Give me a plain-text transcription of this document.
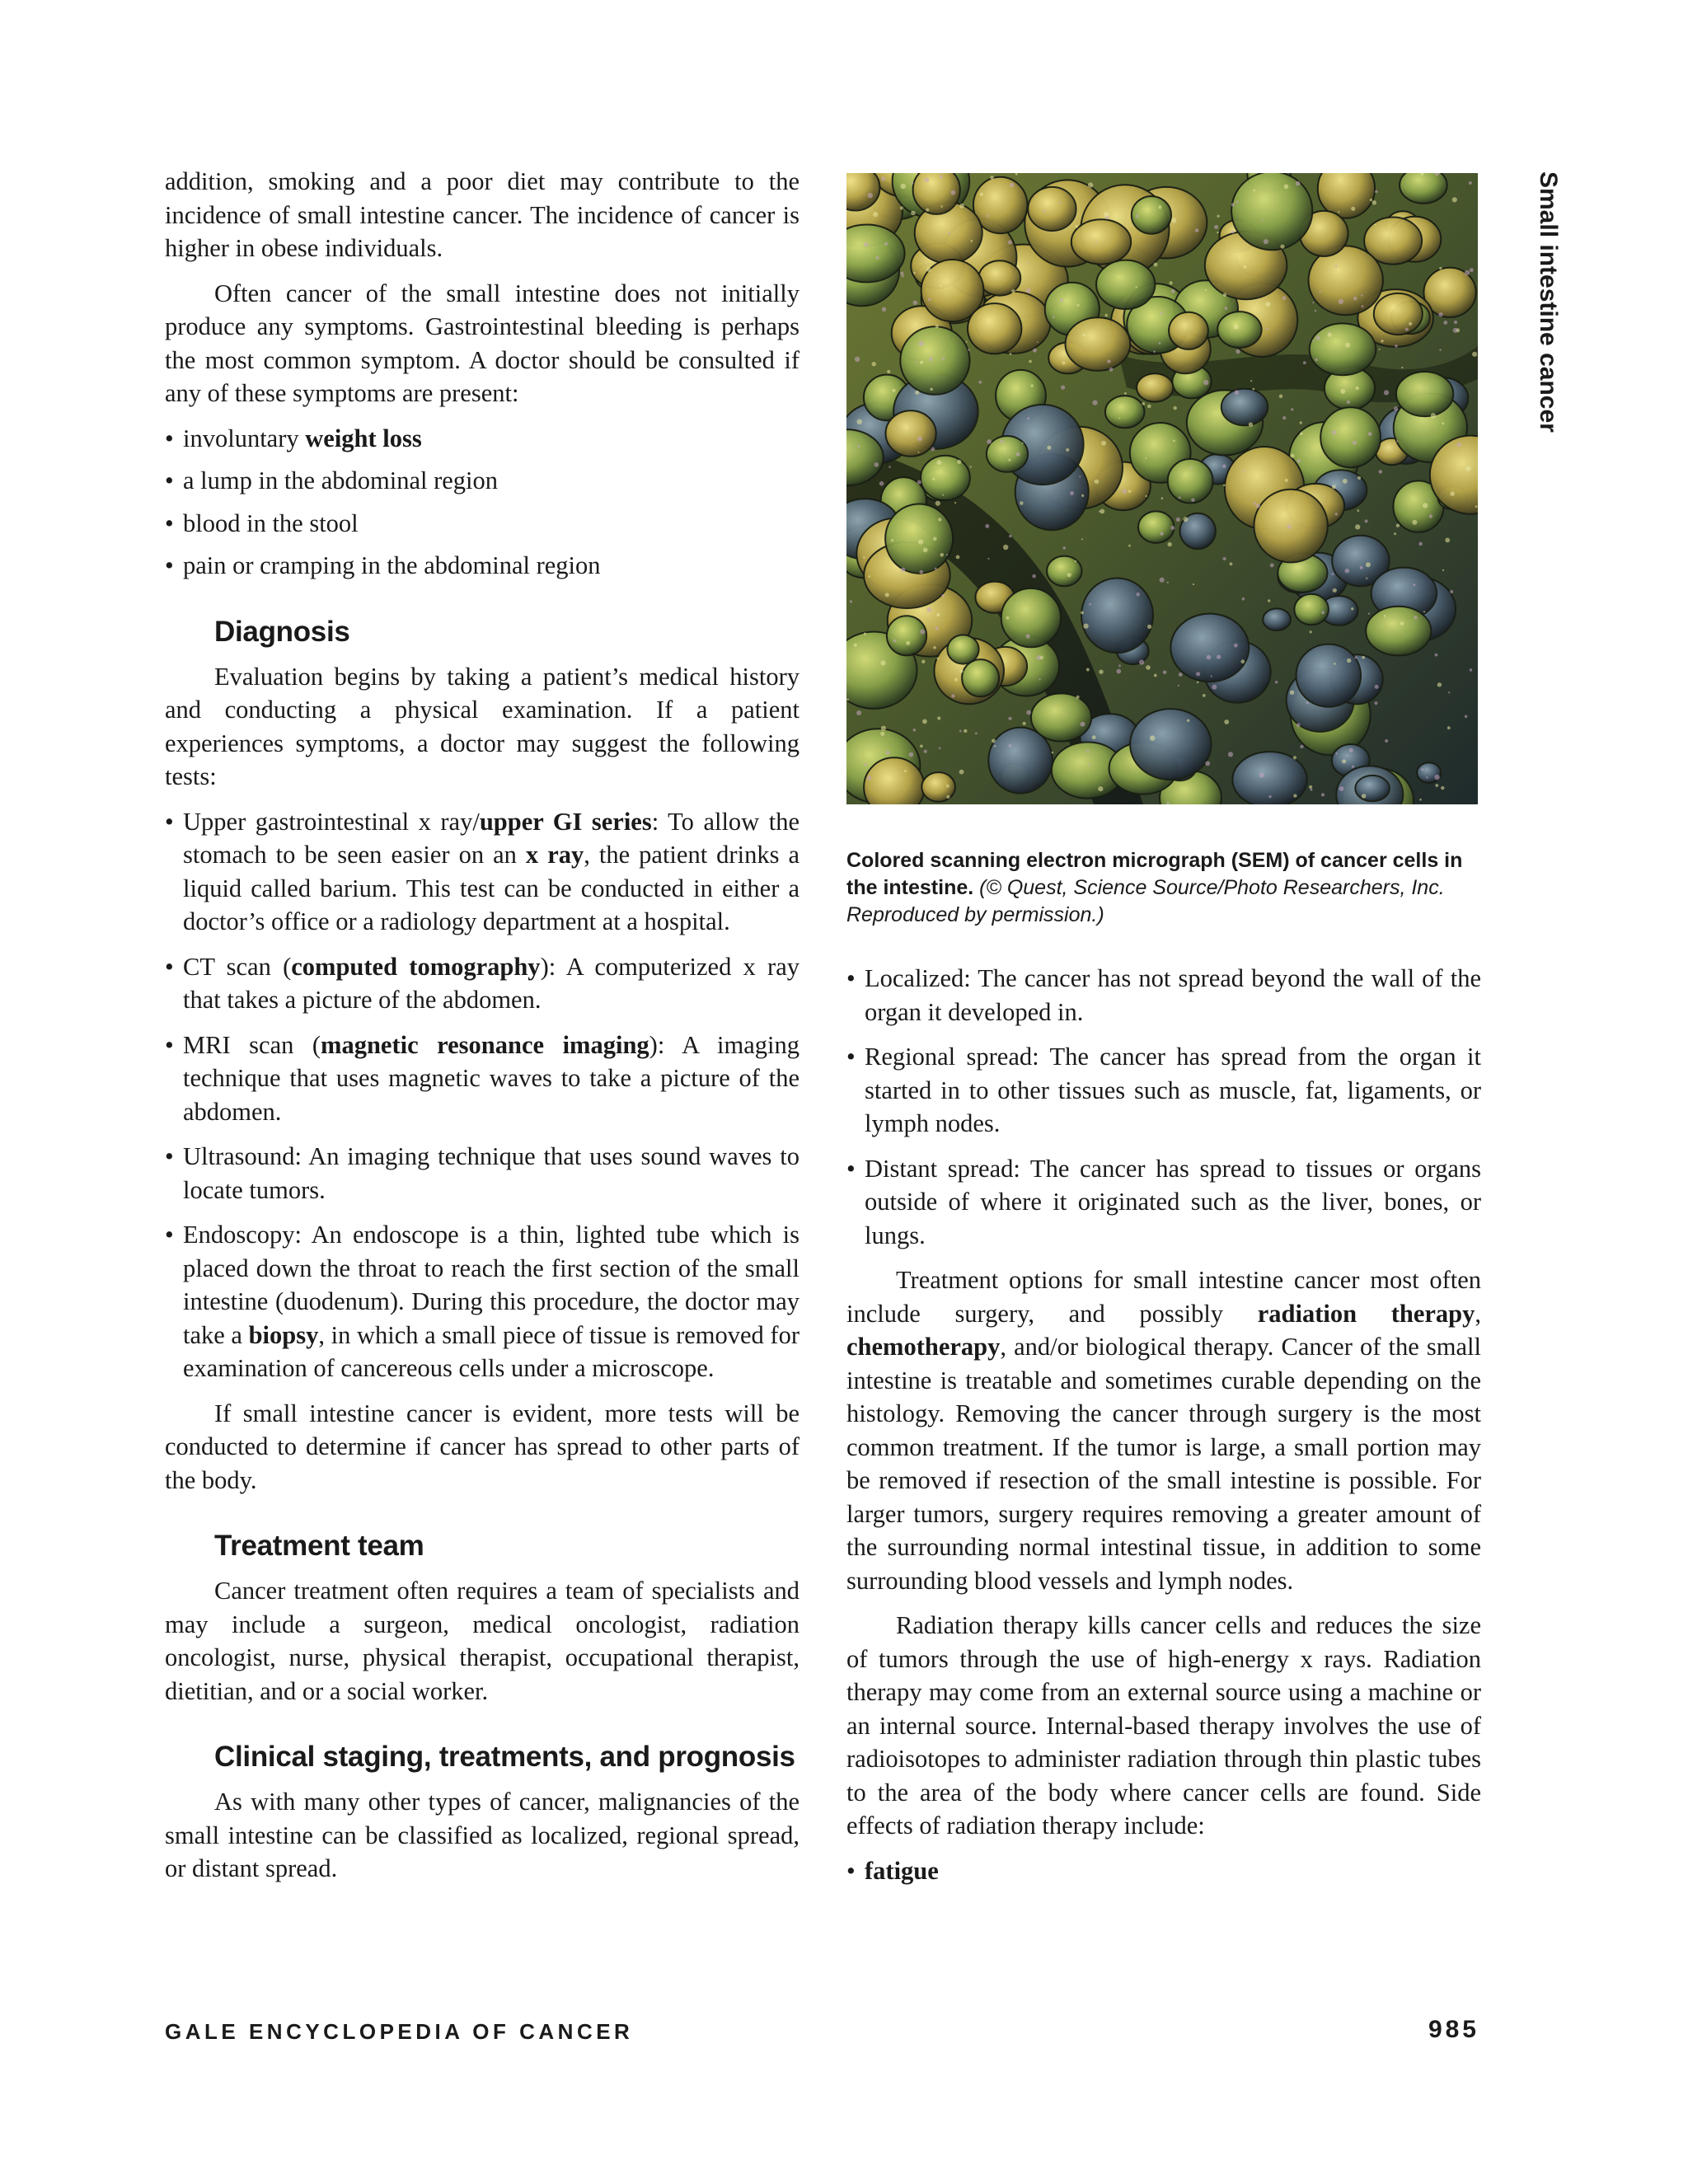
Small intestine cancer

addition, smoking and a poor diet may contribute to the incidence of small intestine cancer. The incidence of cancer is higher in obese individuals.

Often cancer of the small intestine does not initially produce any symptoms. Gastrointestinal bleeding is perhaps the most common symptom. A doctor should be consulted if any of these symptoms are present:

• involuntary weight loss
• a lump in the abdominal region
• blood in the stool
• pain or cramping in the abdominal region
Diagnosis

Evaluation begins by taking a patient’s medical history and conducting a physical examination. If a patient experiences symptoms, a doctor may suggest the following tests:

• Upper gastrointestinal x ray/upper GI series: To allow the stomach to be seen easier on an x ray, the patient drinks a liquid called barium. This test can be conducted in either a doctor’s office or a radiology department at a hospital.
• CT scan (computed tomography): A computerized x ray that takes a picture of the abdomen.
• MRI scan (magnetic resonance imaging): A imaging technique that uses magnetic waves to take a picture of the abdomen.
• Ultrasound: An imaging technique that uses sound waves to locate tumors.
• Endoscopy: An endoscope is a thin, lighted tube which is placed down the throat to reach the first section of the small intestine (duodenum). During this procedure, the doctor may take a biopsy, in which a small piece of tissue is removed for examination of cancereous cells under a microscope.

If small intestine cancer is evident, more tests will be conducted to determine if cancer has spread to other parts of the body.

Treatment team

Cancer treatment often requires a team of specialists and may include a surgeon, medical oncologist, radiation oncologist, nurse, physical therapist, occupational therapist, dietitian, and or a social worker.

Clinical staging, treatments, and prognosis

As with many other types of cancer, malignancies of the small intestine can be classified as localized, regional spread, or distant spread.

Colored scanning electron micrograph (SEM) of cancer cells in the intestine. (© Quest, Science Source/Photo Researchers, Inc. Reproduced by permission.)
• Localized: The cancer has not spread beyond the wall of the organ it developed in.
• Regional spread: The cancer has spread from the organ it started in to other tissues such as muscle, fat, ligaments, or lymph nodes.
• Distant spread: The cancer has spread to tissues or organs outside of where it originated such as the liver, bones, or lungs.

Treatment options for small intestine cancer most often include surgery, and possibly radiation therapy, chemotherapy, and/or biological therapy. Cancer of the small intestine is treatable and sometimes curable depending on the histology. Removing the cancer through surgery is the most common treatment. If the tumor is large, a small portion may be removed if resection of the small intestine is possible. For larger tumors, surgery requires removing a greater amount of the surrounding normal intestinal tissue, in addition to some surrounding blood vessels and lymph nodes.

Radiation therapy kills cancer cells and reduces the size of tumors through the use of high-energy x rays. Radiation therapy may come from an external source using a machine or an internal source. Internal-based therapy involves the use of radioisotopes to administer radiation through thin plastic tubes to the area of the body where cancer cells are found. Side effects of radiation therapy include:

• fatigue
GALE ENCYCLOPEDIA OF CANCER	985
